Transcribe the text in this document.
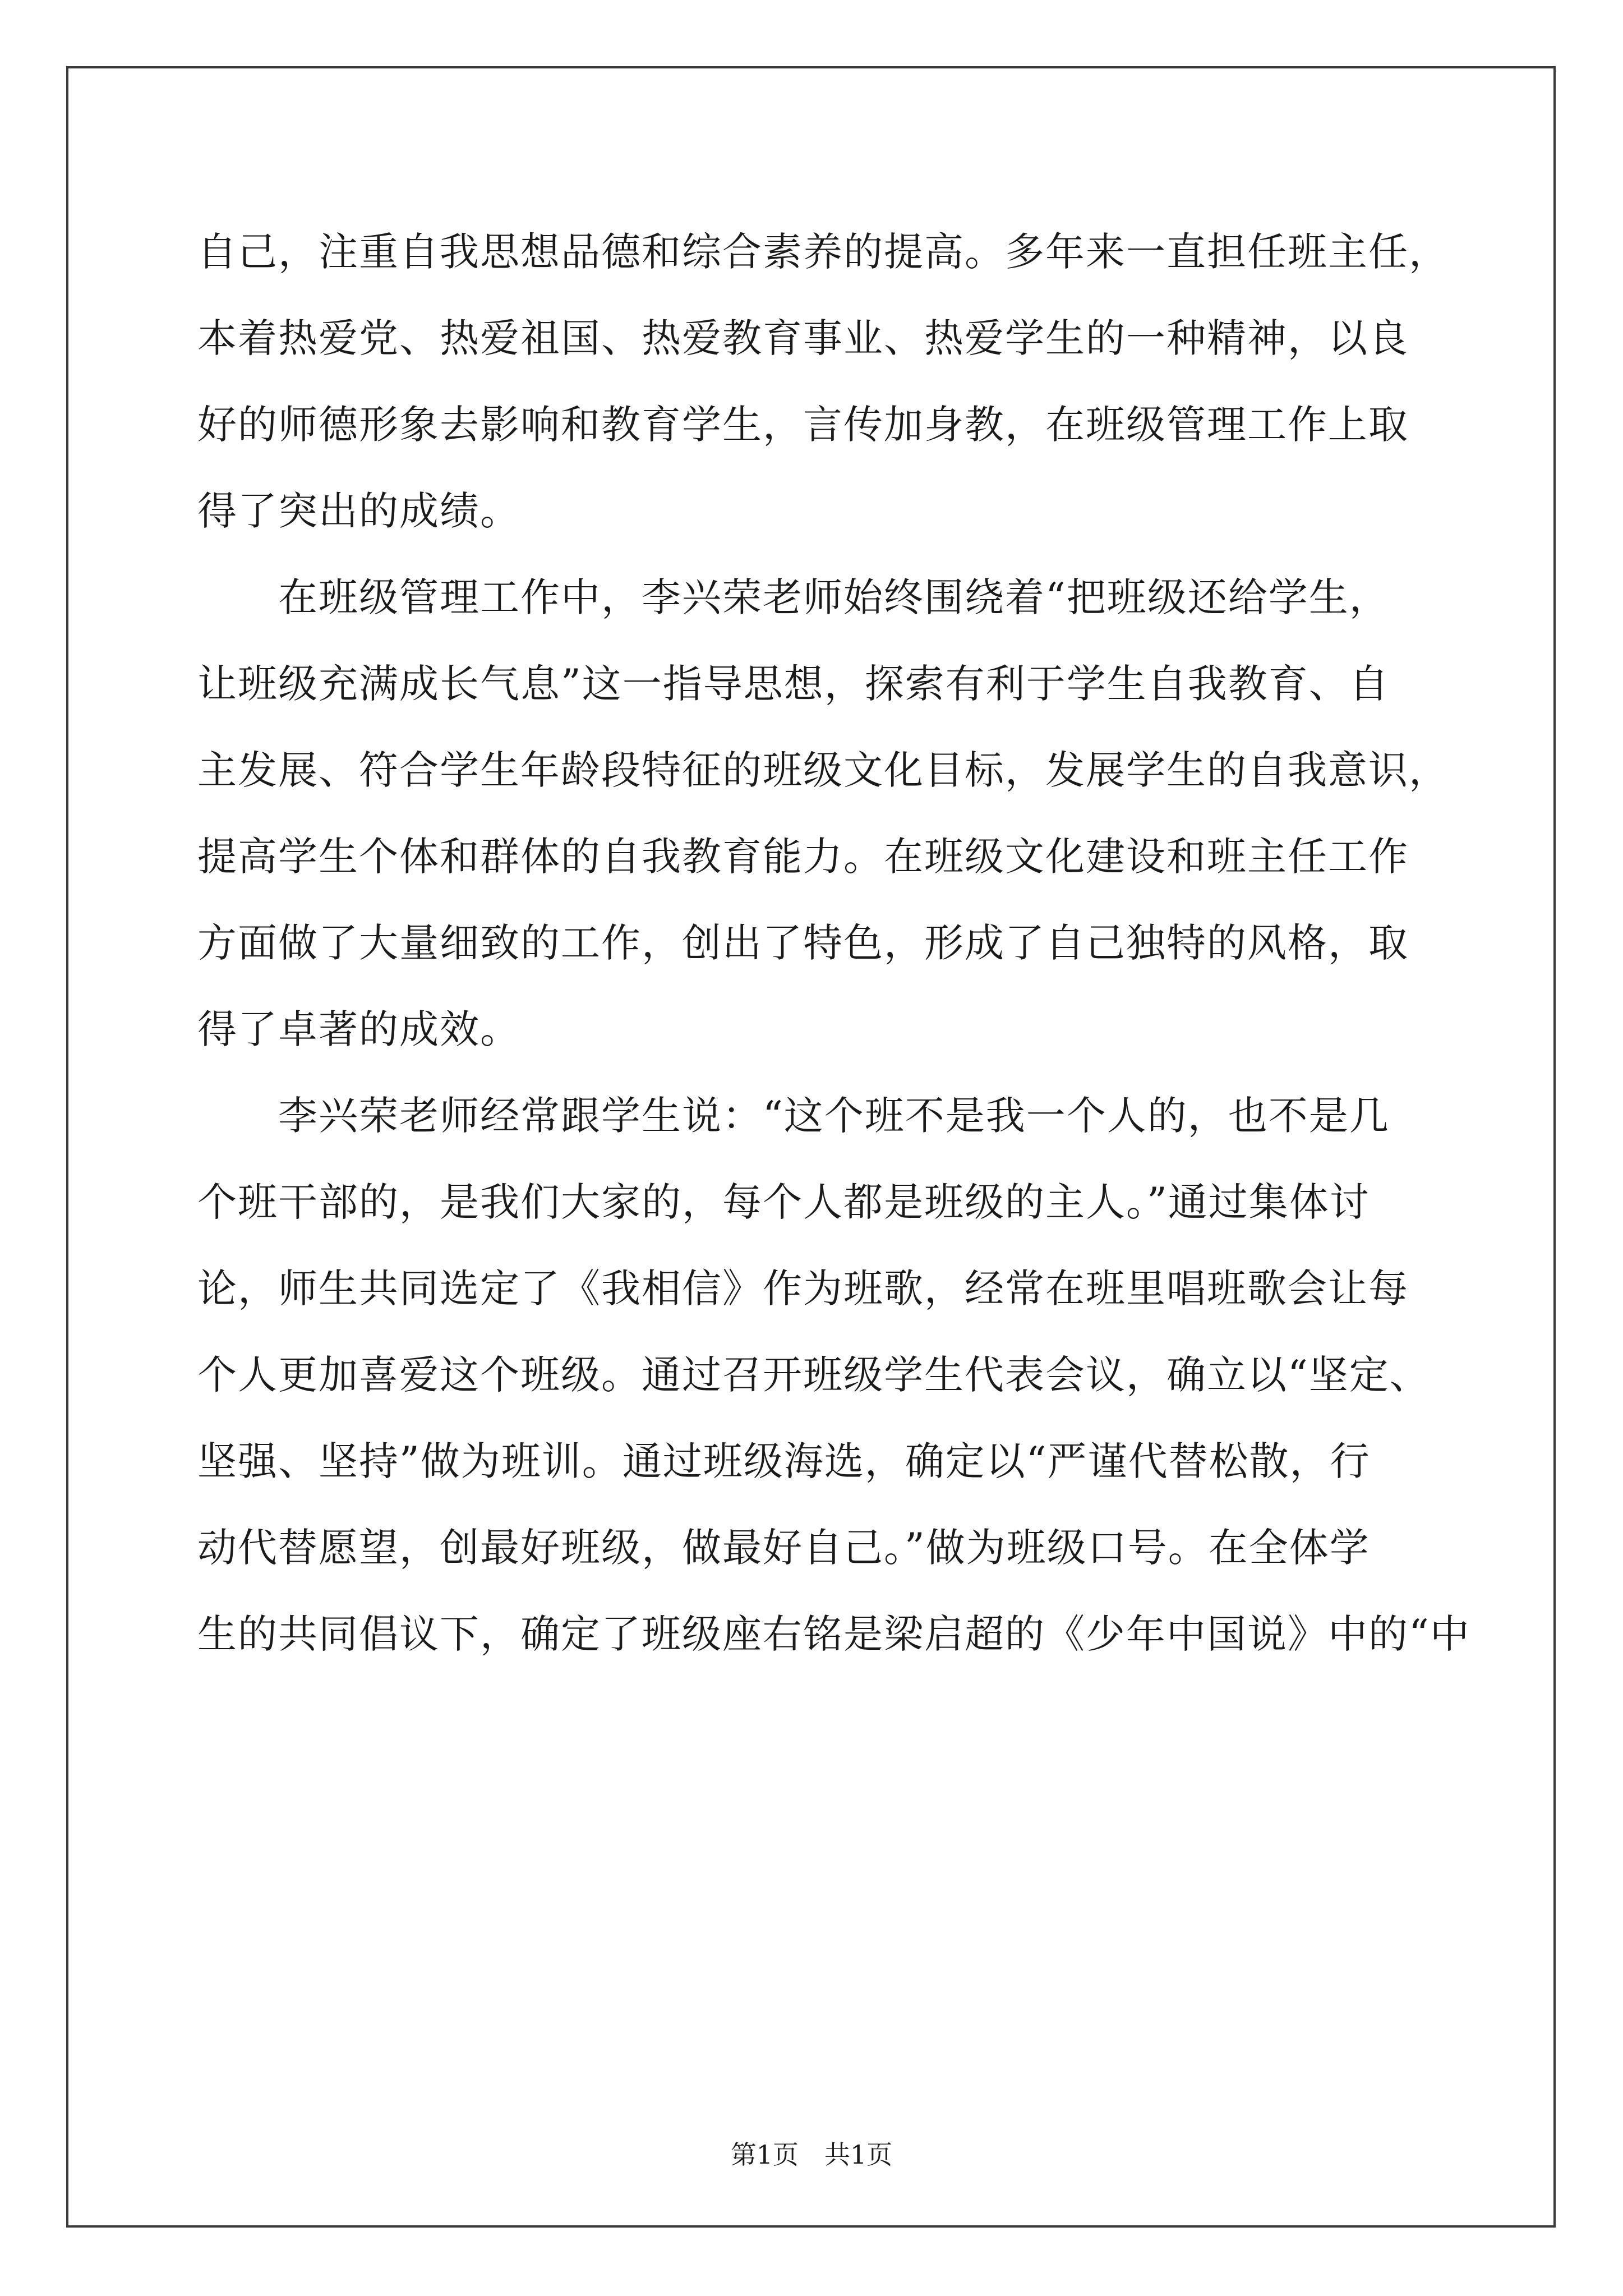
自己，注重自我思想品德和综合素养的提高。多年来一直担任班主任，
本着热爱党、热爱祖国、热爱教育事业、热爱学生的一种精神，以良
好的师德形象去影响和教育学生，言传加身教，在班级管理工作上取
得了突出的成绩。
　　在班级管理工作中，李兴荣老师始终围绕着“把班级还给学生，
让班级充满成长气息”这一指导思想，探索有利于学生自我教育、自
主发展、符合学生年龄段特征的班级文化目标，发展学生的自我意识，
提高学生个体和群体的自我教育能力。在班级文化建设和班主任工作
方面做了大量细致的工作，创出了特色，形成了自己独特的风格，取
得了卓著的成效。
　　李兴荣老师经常跟学生说：“这个班不是我一个人的，也不是几
个班干部的，是我们大家的，每个人都是班级的主人。”通过集体讨
论，师生共同选定了《我相信》作为班歌，经常在班里唱班歌会让每
个人更加喜爱这个班级。通过召开班级学生代表会议，确立以“坚定、
坚强、坚持”做为班训。通过班级海选，确定以“严谨代替松散，行
动代替愿望，创最好班级，做最好自己。”做为班级口号。在全体学
生的共同倡议下，确定了班级座右铭是梁启超的《少年中国说》中的“中
第1页　共1页
